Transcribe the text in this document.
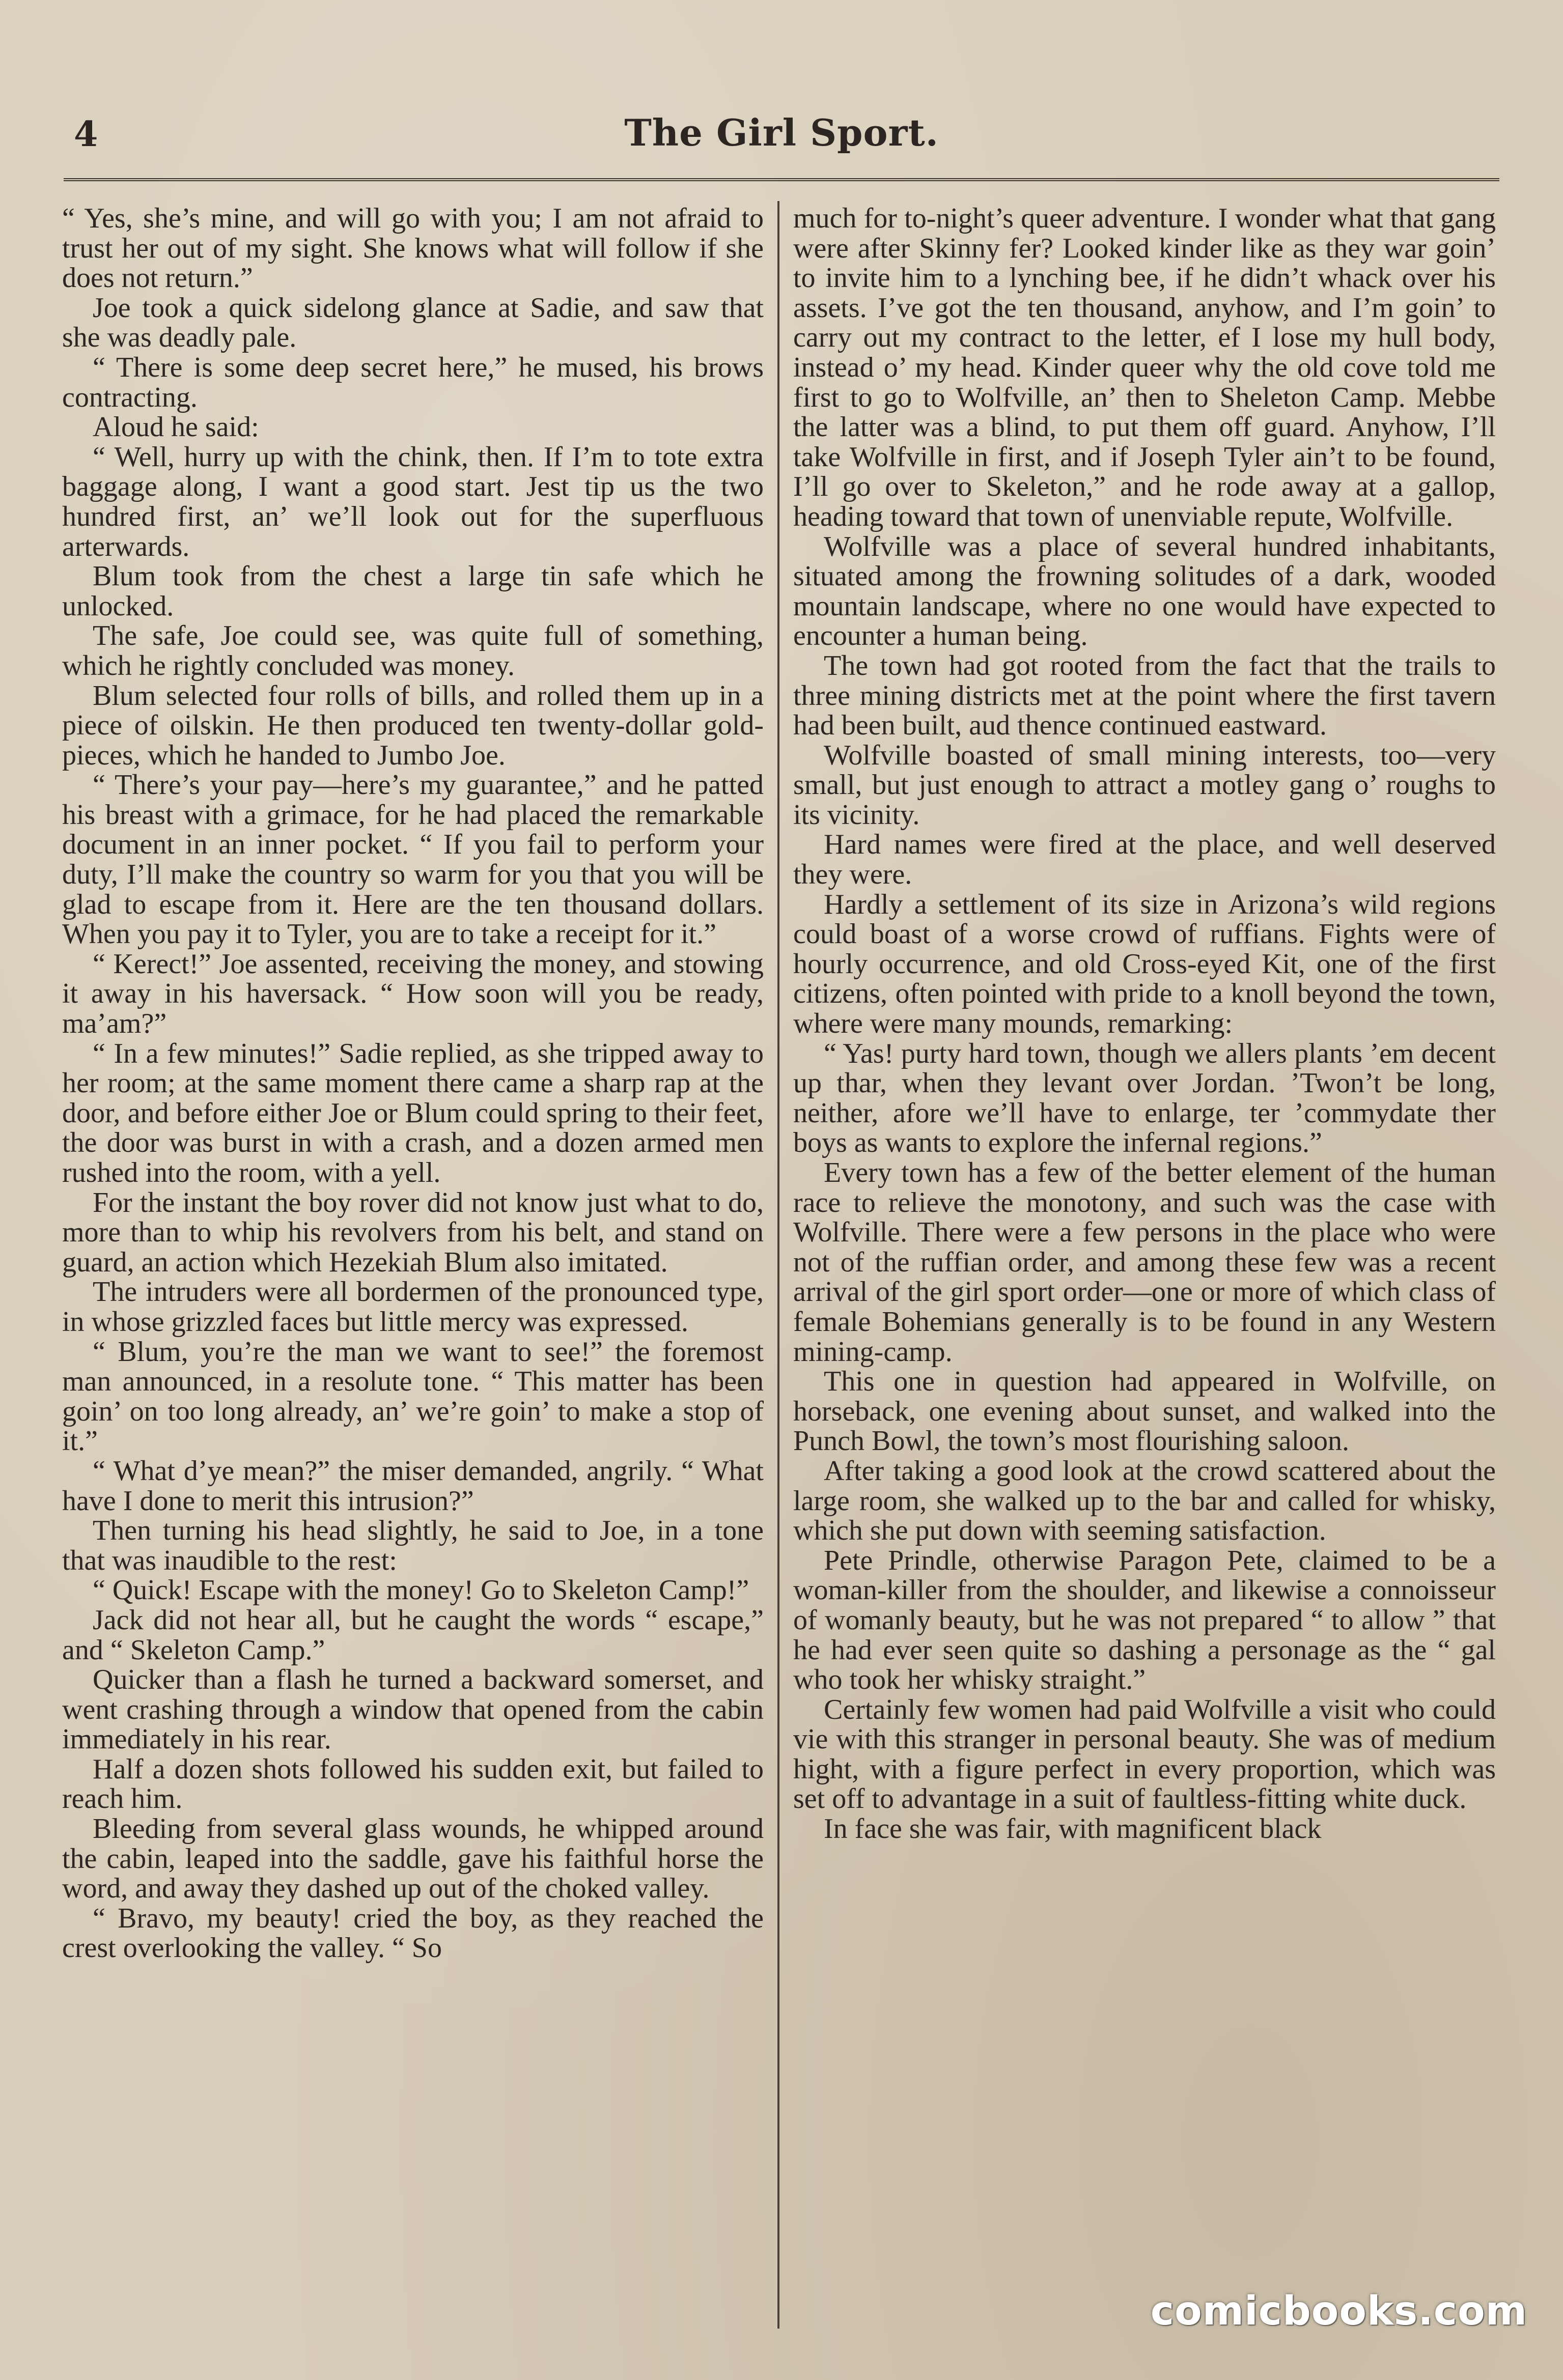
4	The Girl Sport.

“ Yes, she’s mine, and will go with you; I am not afraid to trust her out of my sight. She knows what will follow if she does not return.”

Joe took a quick sidelong glance at Sadie, and saw that she was deadly pale.

“ There is some deep secret here,” he mused, his brows contracting.

Aloud he said:

“ Well, hurry up with the chink, then. If I’m to tote extra baggage along, I want a good start. Jest tip us the two hundred first, an’ we’ll look out for the superfluous arterwards.

Blum took from the chest a large tin safe which he unlocked.

The safe, Joe could see, was quite full of something, which he rightly concluded was money.

Blum selected four rolls of bills, and rolled them up in a piece of oilskin. He then produced ten twenty-dollar gold-pieces, which he handed to Jumbo Joe.

“ There’s your pay—here’s my guarantee,” and he patted his breast with a grimace, for he had placed the remarkable document in an inner pocket. “ If you fail to perform your duty, I’ll make the country so warm for you that you will be glad to escape from it. Here are the ten thousand dollars. When you pay it to Tyler, you are to take a receipt for it.”

“ Kerect!” Joe assented, receiving the money, and stowing it away in his haversack. “ How soon will you be ready, ma’am?”

“ In a few minutes!” Sadie replied, as she tripped away to her room; at the same moment there came a sharp rap at the door, and before either Joe or Blum could spring to their feet, the door was burst in with a crash, and a dozen armed men rushed into the room, with a yell.

For the instant the boy rover did not know just what to do, more than to whip his revolvers from his belt, and stand on guard, an action which Hezekiah Blum also imitated.

The intruders were all bordermen of the pronounced type, in whose grizzled faces but little mercy was expressed.

“ Blum, you’re the man we want to see!” the foremost man announced, in a resolute tone. “ This matter has been goin’ on too long already, an’ we’re goin’ to make a stop of it.”

“ What d’ye mean?” the miser demanded, angrily. “ What have I done to merit this intrusion?”

Then turning his head slightly, he said to Joe, in a tone that was inaudible to the rest:

“ Quick! Escape with the money! Go to Skeleton Camp!”

Jack did not hear all, but he caught the words “ escape,” and “ Skeleton Camp.”

Quicker than a flash he turned a backward somerset, and went crashing through a window that opened from the cabin immediately in his rear.

Half a dozen shots followed his sudden exit, but failed to reach him.

Bleeding from several glass wounds, he whipped around the cabin, leaped into the saddle, gave his faithful horse the word, and away they dashed up out of the choked valley.

“ Bravo, my beauty! cried the boy, as they reached the crest overlooking the valley. “ So

much for to-night’s queer adventure. I wonder what that gang were after Skinny fer? Looked kinder like as they war goin’ to invite him to a lynching bee, if he didn’t whack over his assets. I’ve got the ten thousand, anyhow, and I’m goin’ to carry out my contract to the letter, ef I lose my hull body, instead o’ my head. Kinder queer why the old cove told me first to go to Wolfville, an’ then to Sheleton Camp. Mebbe the latter was a blind, to put them off guard. Anyhow, I’ll take Wolfville in first, and if Joseph Tyler ain’t to be found, I’ll go over to Skeleton,” and he rode away at a gallop, heading toward that town of unenviable repute, Wolfville.

Wolfville was a place of several hundred inhabitants, situated among the frowning solitudes of a dark, wooded mountain landscape, where no one would have expected to encounter a human being.

The town had got rooted from the fact that the trails to three mining districts met at the point where the first tavern had been built, aud thence continued eastward.

Wolfville boasted of small mining interests, too—very small, but just enough to attract a motley gang o’ roughs to its vicinity.

Hard names were fired at the place, and well deserved they were.

Hardly a settlement of its size in Arizona’s wild regions could boast of a worse crowd of ruffians. Fights were of hourly occurrence, and old Cross-eyed Kit, one of the first citizens, often pointed with pride to a knoll beyond the town, where were many mounds, remarking:

“ Yas! purty hard town, though we allers plants ’em decent up thar, when they levant over Jordan. ’Twon’t be long, neither, afore we’ll have to enlarge, ter ’commydate ther boys as wants to explore the infernal regions.”

Every town has a few of the better element of the human race to relieve the monotony, and such was the case with Wolfville. There were a few persons in the place who were not of the ruffian order, and among these few was a recent arrival of the girl sport order—one or more of which class of female Bohemians generally is to be found in any Western mining-camp.

This one in question had appeared in Wolfville, on horseback, one evening about sunset, and walked into the Punch Bowl, the town’s most flourishing saloon.

After taking a good look at the crowd scattered about the large room, she walked up to the bar and called for whisky, which she put down with seeming satisfaction.

Pete Prindle, otherwise Paragon Pete, claimed to be a woman-killer from the shoulder, and likewise a connoisseur of womanly beauty, but he was not prepared “ to allow ” that he had ever seen quite so dashing a personage as the “ gal who took her whisky straight.”

Certainly few women had paid Wolfville a visit who could vie with this stranger in personal beauty. She was of medium hight, with a figure perfect in every proportion, which was set off to advantage in a suit of faultless-fitting white duck.

In face she was fair, with magnificent black

comicbooks.com
